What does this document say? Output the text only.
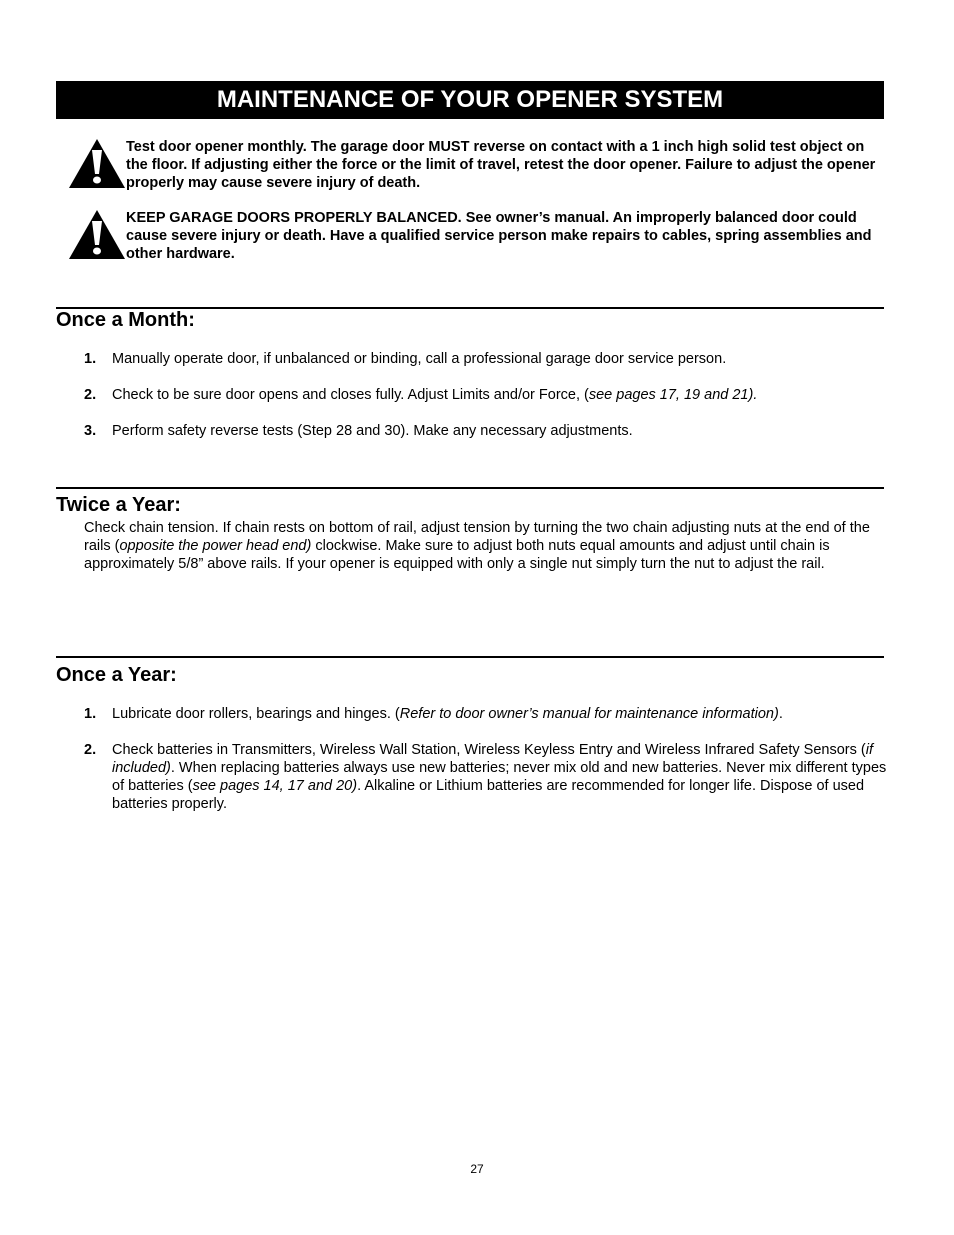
MAINTENANCE OF YOUR OPENER SYSTEM
Test door opener monthly. The garage door MUST reverse on contact with a 1 inch high solid test object on the floor. If adjusting either the force or the limit of travel, retest the door opener. Failure to adjust the opener properly may cause severe injury of death.
KEEP GARAGE DOORS PROPERLY BALANCED. See owner’s manual. An improperly balanced door could cause severe injury or death. Have a qualified service person make repairs to cables, spring assemblies and other hardware.
Once a Month:
1. Manually operate door, if unbalanced or binding, call a professional garage door service person.
2. Check to be sure door opens and closes fully. Adjust Limits and/or Force, (see pages 17, 19 and 21).
3. Perform safety reverse tests (Step 28 and 30). Make any necessary adjustments.
Twice a Year:
Check chain tension. If chain rests on bottom of rail, adjust tension by turning the two chain adjusting nuts at the end of the rails (opposite the power head end) clockwise. Make sure to adjust both nuts equal amounts and adjust until chain is approximately 5/8” above rails. If your opener is equipped with only a single nut simply turn the nut to adjust the rail.
Once a Year:
1. Lubricate door rollers, bearings and hinges. (Refer to door owner’s manual for maintenance information).
2. Check batteries in Transmitters, Wireless Wall Station, Wireless Keyless Entry and Wireless Infrared Safety Sensors (if included). When replacing batteries always use new batteries; never mix old and new batteries. Never mix different types of batteries (see pages 14, 17 and 20). Alkaline or Lithium batteries are recommended for longer life. Dispose of used batteries properly.
27
